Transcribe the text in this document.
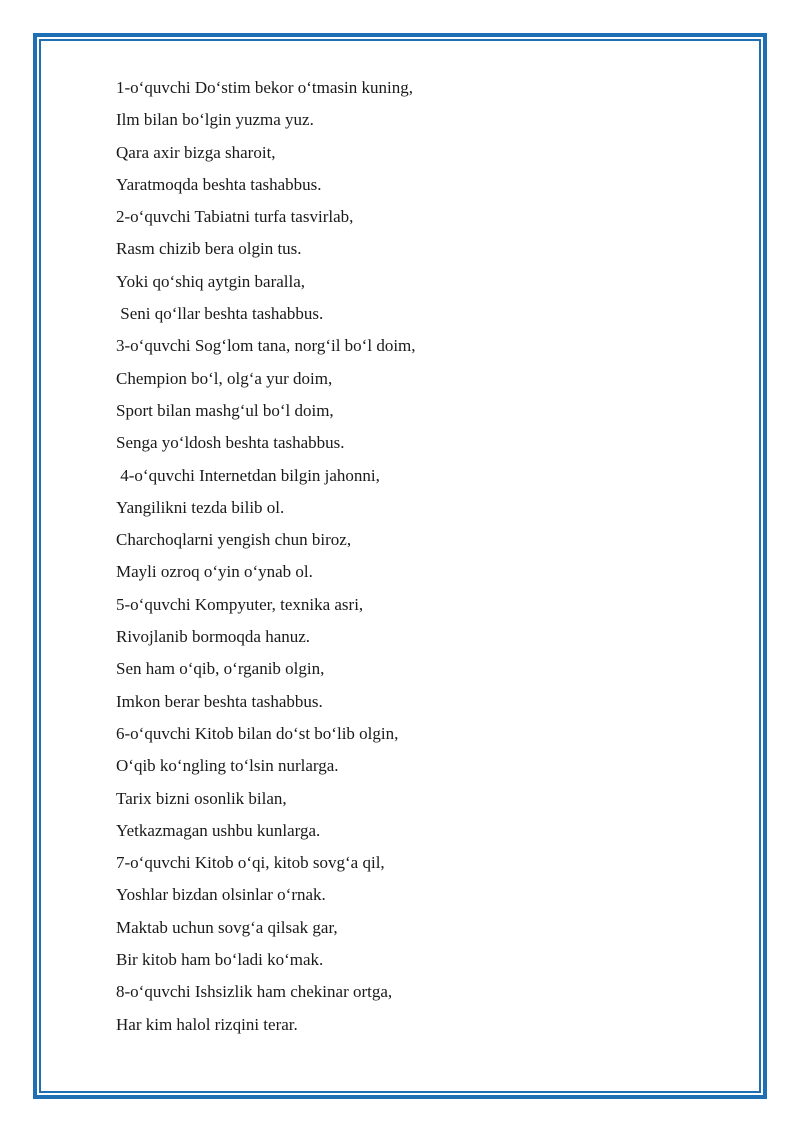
1-o‘quvchi Do‘stim bekor o‘tmasin kuning,
Ilm bilan bo‘lgin yuzma yuz.
Qara axir bizga sharoit,
Yaratmoqda beshta tashabbus.
2-o‘quvchi Tabiatni turfa tasvirlab,
Rasm chizib bera olgin tus.
Yoki qo‘shiq aytgin baralla,
Seni qo‘llar beshta tashabbus.
3-o‘quvchi Sog‘lom tana, norg‘il bo‘l doim,
Chempion bo‘l, olg‘a yur doim,
Sport bilan mashg‘ul bo‘l doim,
Senga yo‘ldosh beshta tashabbus.
4-o‘quvchi Internetdan bilgin jahonni,
Yangilikni tezda bilib ol.
Charchoqlarni yengish chun biroz,
Mayli ozroq o‘yin o‘ynab ol.
5-o‘quvchi Kompyuter, texnika asri,
Rivojlanib bormoqda hanuz.
Sen ham o‘qib, o‘rganib olgin,
Imkon berar beshta tashabbus.
6-o‘quvchi Kitob bilan do‘st bo‘lib olgin,
O‘qib ko‘ngling to‘lsin nurlarga.
Tarix bizni osonlik bilan,
Yetkazmagan ushbu kunlarga.
7-o‘quvchi Kitob o‘qi, kitob sovg‘a qil,
Yoshlar bizdan olsinlar o‘rnak.
Maktab uchun sovg‘a qilsak gar,
Bir kitob ham bo‘ladi ko‘mak.
8-o‘quvchi Ishsizlik ham chekinar ortga,
Har kim halol rizqini terar.
